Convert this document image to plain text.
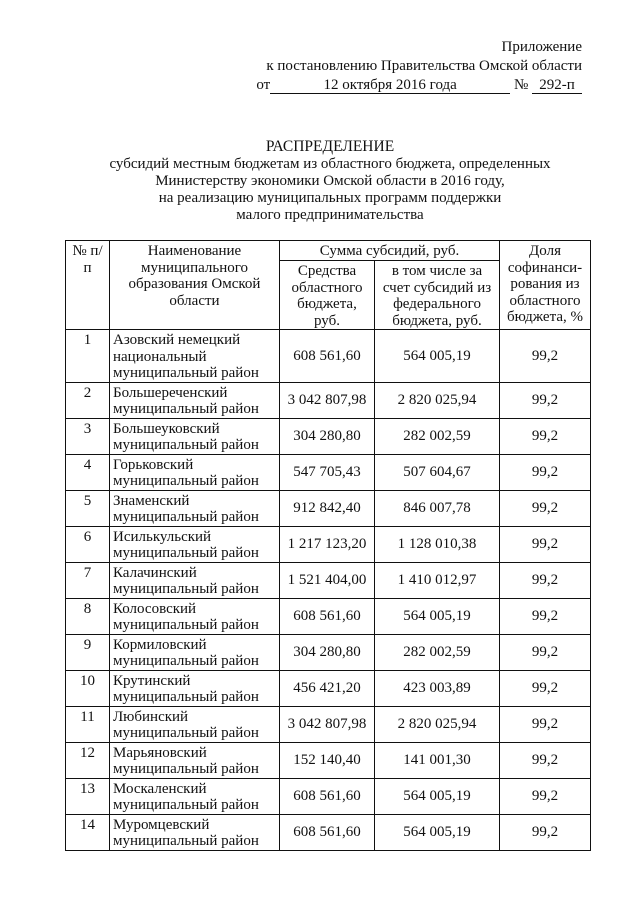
Приложение
к постановлению Правительства Омской области
от	12 октября 2016 года	№ 292-п
РАСПРЕДЕЛЕНИЕ
субсидий местным бюджетам из областного бюджета, определенных
Министерству экономики Омской области в 2016 году,
на реализацию муниципальных программ поддержки
малого предпринимательства
№ п/п	Наименование муниципального образования Омской области	Сумма субсидий, руб.		Доля софинанси-рования из областного бюджета, %
		Средства областного бюджета, руб.	в том числе за счет субсидий из федерального бюджета, руб.	
1	Азовский немецкий национальный муниципальный район	608 561,60	564 005,19	99,2
2	Большереченский муниципальный район	3 042 807,98	2 820 025,94	99,2
3	Большеуковский муниципальный район	304 280,80	282 002,59	99,2
4	Горьковский муниципальный район	547 705,43	507 604,67	99,2
5	Знаменский муниципальный район	912 842,40	846 007,78	99,2
6	Исилькульский муниципальный район	1 217 123,20	1 128 010,38	99,2
7	Калачинский муниципальный район	1 521 404,00	1 410 012,97	99,2
8	Колосовский муниципальный район	608 561,60	564 005,19	99,2
9	Кормиловский муниципальный район	304 280,80	282 002,59	99,2
10	Крутинский муниципальный район	456 421,20	423 003,89	99,2
11	Любинский муниципальный район	3 042 807,98	2 820 025,94	99,2
12	Марьяновский муниципальный район	152 140,40	141 001,30	99,2
13	Москаленский муниципальный район	608 561,60	564 005,19	99,2
14	Муромцевский муниципальный район	608 561,60	564 005,19	99,2
